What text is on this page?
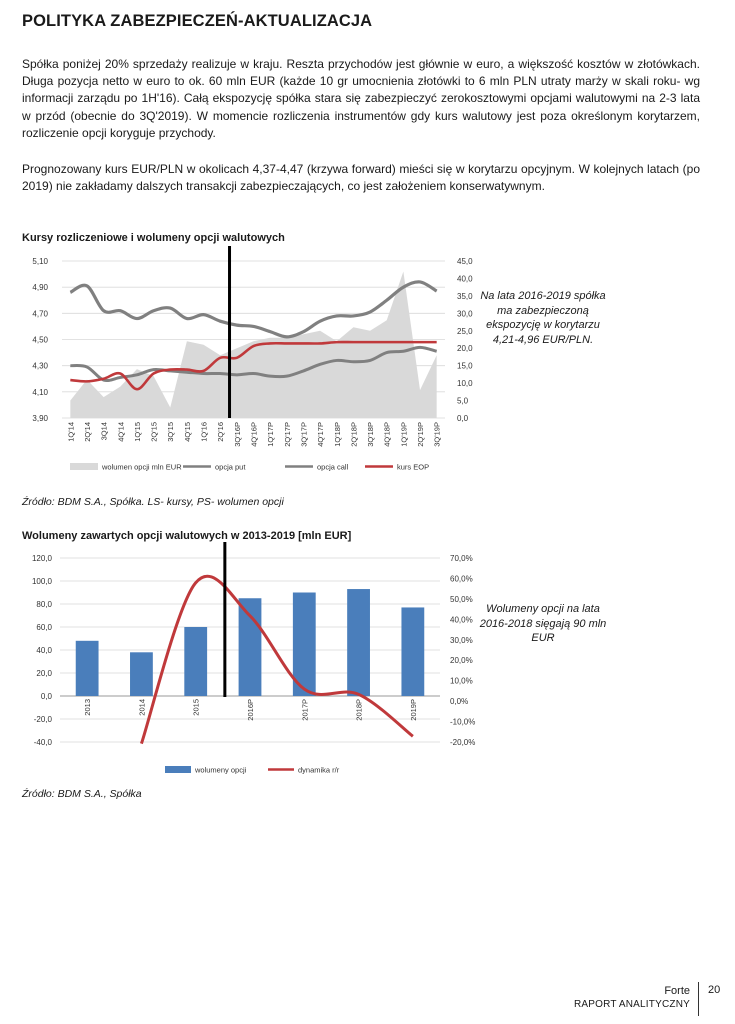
POLITYKA ZABEZPIECZEŃ-AKTUALIZACJA

Spółka poniżej 20% sprzedaży realizuje w kraju. Reszta przychodów jest głównie w euro, a większość kosztów w złotówkach. Długa pozycja netto w euro to ok. 60 mln EUR (każde 10 gr umocnienia złotówki to 6 mln PLN utraty marży w skali roku- wg informacji zarządu po 1H'16). Całą ekspozycję spółka stara się zabezpieczyć zerokosztowymi opcjami walutowymi na 2-3 lata w przód (obecnie do 3Q'2019). W momencie rozliczenia instrumentów gdy kurs walutowy jest poza określonym korytarzem, rozliczenie opcji koryguje przychody.

Prognozowany kurs EUR/PLN w okolicach 4,37-4,47 (krzywa forward) mieści się w korytarzu opcyjnym. W kolejnych latach (po 2019) nie zakładamy dalszych transakcji zabezpieczających, co jest założeniem konserwatywnym.

Kursy rozliczeniowe i wolumeny opcji walutowych
3,90
4,10
4,30
4,50
4,70
4,90
5,10
0,0
5,0
10,0
15,0
20,0
25,0
30,0
35,0
40,0
45,0
1Q'14 2Q'14 3Q14 4Q'14 1Q'15 2Q'15 3Q'15 4Q'15 1Q'16 2Q'16 3Q'16P 4Q'16P 1Q'17P 2Q'17P 3Q'17P 4Q'17P 1Q'18P 2Q'18P 3Q'18P 4Q'18P 1Q'19P 2Q'19P 3Q'19P
wolumen opcji mln EUR	opcja put	opcja call	kurs EOP
Na lata 2016-2019 spółka ma zabezpieczoną ekspozycję w korytarzu 4,21-4,96 EUR/PLN.
Źródło: BDM S.A., Spółka. LS- kursy, PS- wolumen opcji
Wolumeny zawartych opcji walutowych w 2013-2019 [mln EUR]
-40,0
-20,0
0,0
20,0
40,0
60,0
80,0
100,0
120,0
-20,0%
-10,0%
0,0%
10,0%
20,0%
30,0%
40,0%
50,0%
60,0%
70,0%
2013	2014	2015	2016P	2017P	2018P	2019P
wolumeny opcji	dynamika r/r
Wolumeny opcji na lata 2016-2018 sięgają 90 mln EUR
Źródło: BDM S.A., Spółka
Forte
RAPORT ANALITYCZNY
20
